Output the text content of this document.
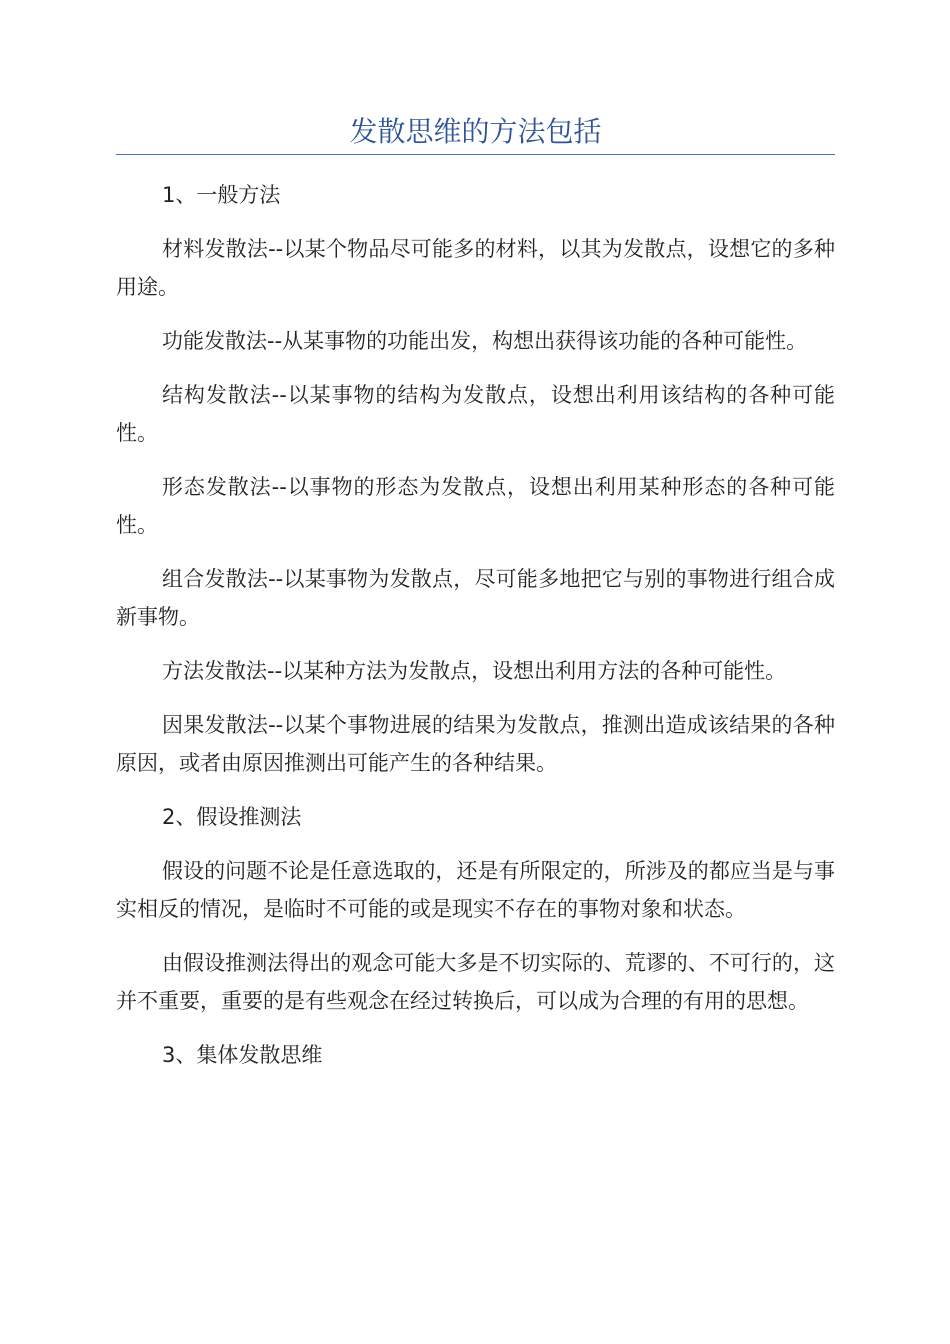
发散思维的方法包括

1、一般方法

材料发散法--以某个物品尽可能多的材料，以其为发散点，设想它的多种用途。

功能发散法--从某事物的功能出发，构想出获得该功能的各种可能性。

结构发散法--以某事物的结构为发散点，设想出利用该结构的各种可能性。

形态发散法--以事物的形态为发散点，设想出利用某种形态的各种可能性。

组合发散法--以某事物为发散点，尽可能多地把它与别的事物进行组合成新事物。

方法发散法--以某种方法为发散点，设想出利用方法的各种可能性。

因果发散法--以某个事物进展的结果为发散点，推测出造成该结果的各种原因，或者由原因推测出可能产生的各种结果。

2、假设推测法

假设的问题不论是任意选取的，还是有所限定的，所涉及的都应当是与事实相反的情况，是临时不可能的或是现实不存在的事物对象和状态。

由假设推测法得出的观念可能大多是不切实际的、荒谬的、不可行的，这并不重要，重要的是有些观念在经过转换后，可以成为合理的有用的思想。

3、集体发散思维
